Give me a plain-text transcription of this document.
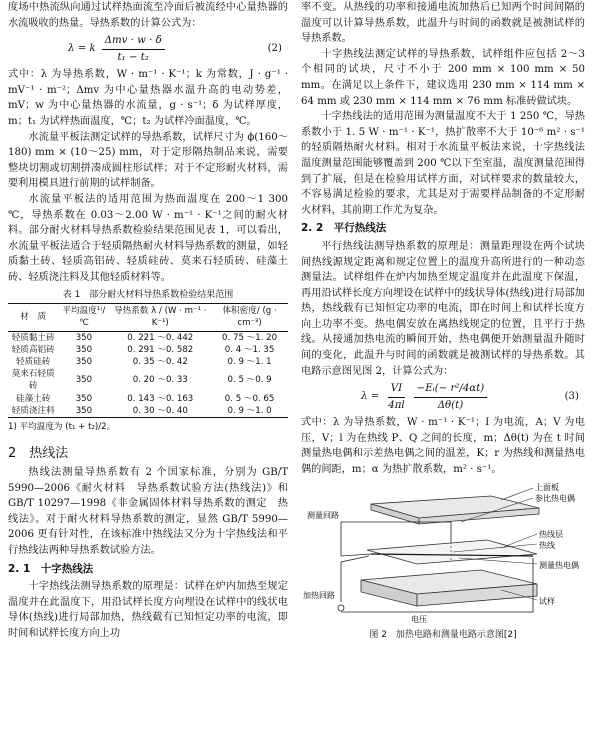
度场中热流纵向通过试样热面流至冷面后被流经中心量热器的水流吸收的热量。导热系数的计算公式为：

λ = k $\frac{\text{Δmv · w · δ}}{\text{t₁ − t₂}}$	(2)

式中：λ 为导热系数，W · m⁻¹ · K⁻¹；k 为常数，J · g⁻¹ · mV⁻¹ · m⁻²；Δmv 为中心量热器水温升高的电动势差，mV；w 为中心量热器的水流量，g · s⁻¹；δ 为试样厚度，m；t₁ 为试样热面温度，℃；t₂ 为试样冷面温度，℃。

水流量平板法测定试样的导热系数，试样尺寸为 ϕ(160～180) mm × (10～25) mm，对于定形隔热制品来说，需要整块切割或切割拼凑成圆柱形试样；对于不定形耐火材料，需要利用模具进行前期的试样制备。

水流量平板法的适用范围为热面温度在 200～1 300 ℃，导热系数在 0.03～2.00 W · m⁻¹ · K⁻¹之间的耐火材料。部分耐火材料导热系数检验结果范围见表 1，可以看出，水流量平板法适合于轻质隔热耐火材料导热系数的测量，如轻质黏土砖、轻质高铝砖、轻质硅砖、莫来石轻质砖、硅藻土砖、轻质浇注料及其他轻质材料等。

表 1　部分耐火材料导热系数检验结果范围
材　质	平均温度¹⁾/℃	导热系数 λ / (W · m⁻¹ · K⁻¹)	体积密度/ (g · cm⁻³)
轻质黏土砖	350	0. 221 ～0. 442	0. 75 ～1. 20
轻质高铝砖	350	0. 291 ～0. 582	0. 4 ～1. 35
轻质硅砖	350	0. 35 ～0. 42	0. 9 ～1. 1
莫来石轻质砖	350	0. 20 ～0. 33	0. 5 ～0. 9
硅藻土砖	350	0. 143 ～0. 163	0. 5 ～0. 65
轻质浇注料	350	0. 30 ～0. 40	0. 9 ～1. 0
1) 平均温度为 (t₁ + t₂)/2。
2　热线法

热线法测量导热系数有 2 个国家标准，分别为 GB/T 5990—2006《耐火材料　导热系数试验方法(热线法)》和 GB/T 10297—1998《非金属固体材料导热系数的测定　热线法》。对于耐火材料导热系数的测定，显然 GB/T 5990—2006 更有针对性，在该标准中热线法又分为十字热线法和平行热线法两种导热系数试验方法。

2. 1　十字热线法

十字热线法测导热系数的原理是：试样在炉内加热至规定温度并在此温度下，用沿试样长度方向埋设在试样中的线状电导体(热线)进行局部加热，热线截有已知恒定功率的电流，即时间和试样长度方向上功

率不变。从热线的功率和接通电流加热后已知两个时间间隔的温度可以计算导热系数，此温升与时间的函数就是被测试样的导热系数。

十字热线法测定试样的导热系数，试样组件应包括 2～3 个相同的试块，尺寸不小于 200 mm × 100 mm × 50 mm。在满足以上条件下，建议选用 230 mm × 114 mm × 64 mm 或 230 mm × 114 mm × 76 mm 标准砖做试块。

十字热线法的适用范围为测量温度不大于 1 250 ℃，导热系数小于 1. 5 W · m⁻¹ · K⁻¹，热扩散率不大于 10⁻⁶ m² · s⁻¹ 的轻质隔热耐火材料。相对于水流量平板法来说，十字热线法温度测量范围能够覆盖到 200 ℃以下至室温，温度测量范围得到了扩展，但是在检验用试样方面，对试样要求的数量较大，不容易满足检验的要求，尤其是对于需要样品制备的不定形耐火材料，其前期工作尤为复杂。

2. 2　平行热线法

平行热线法测导热系数的原理是：测量距理设在两个试块间热线源规定距离和规定位置上的温度升高所进行的一种动态测量法。试样组件在炉内加热至规定温度并在此温度下保温，再用沿试样长度方向埋设在试样中的线状导体(热线)进行局部加热，热线载有已知恒定功率的电流，即在时间上和试样长度方向上功率不变。热电偶安放在离热线规定的位置，且平行于热线。从接通加热电流的瞬间开始，热电偶便开始测量温升随时间的变化，此温升与时间的函数就是被测试样的导热系数。其电路示意图见图 2，计算公式为：

$\lambda = \frac{VI}{4\pi l} \frac{\text{−Eᵢ(− r²/4αt)}}{\Delta\theta(t)}$	(3)

式中：λ 为导热系数，W · m⁻¹ · K⁻¹；I 为电流，A；V 为电压，V；l 为在热线 P、Q 之间的长度，m；Δθ(t) 为在 t 时间测量热电偶和示差热电偶之间的温差，K；r 为热线和测量热电偶的间距，m；α 为热扩散系数，m² · s⁻¹。

上面板
参比热电偶
测量回路
热线层
热线
测量热电偶
试样
加热回路
电压
图 2　加热电路和测量电路示意图[2]
